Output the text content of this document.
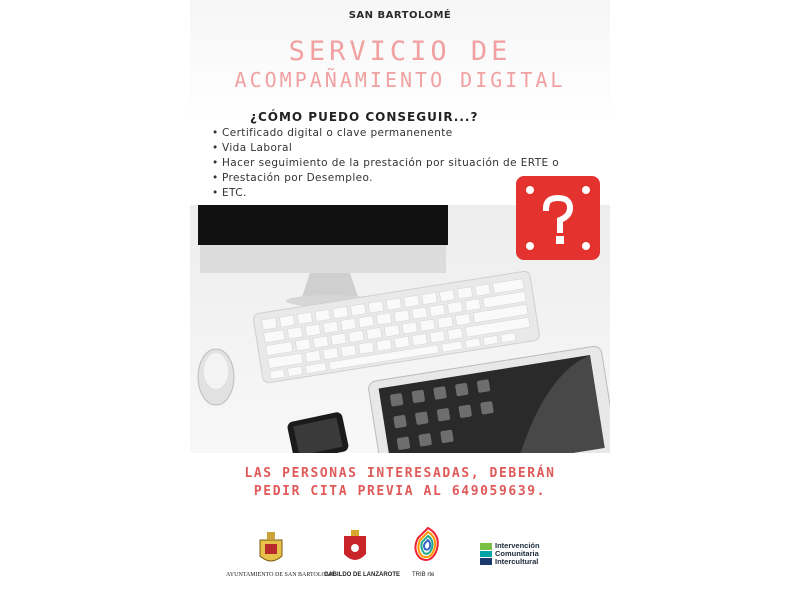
SAN BARTOLOMÉ
SERVICIO DE
ACOMPAÑAMIENTO DIGITAL
¿CÓMO PUEDO CONSEGUIR...?
• Certificado digital o clave permanenente
• Vida Laboral
• Hacer seguimiento de la prestación por situación de ERTE o
• Prestación por Desempleo.
• ETC.
LAS PERSONAS INTERESADAS, DEBERÁN
PEDIR CITA PREVIA AL 649059639.
AYUNTAMIENTO DE SAN BARTOLOMÉ
CABILDO DE LANZAROTE TRIB rte
Intervención
Comunitaria
Intercultural
